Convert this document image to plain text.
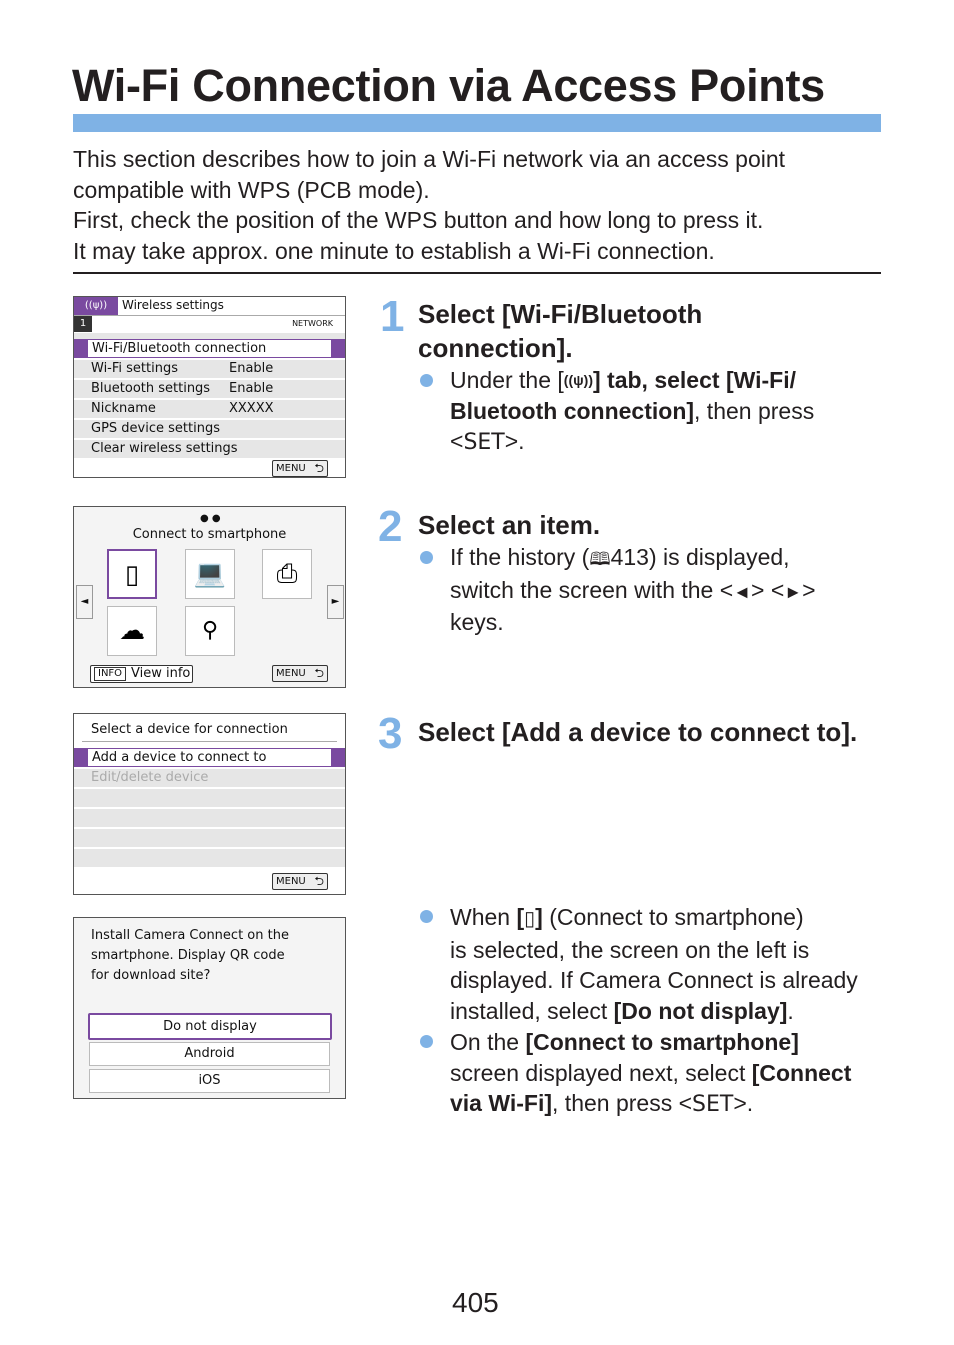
Wi-Fi Connection via Access Points

This section describes how to join a Wi-Fi network via an access point

compatible with WPS (PCB mode).

First, check the position of the WPS button and how long to press it.

It may take approx. one minute to establish a Wi-Fi connection.

((ψ))	Wireless settings
1	NETWORK
Wi-Fi/Bluetooth connection
Wi-Fi settings	Enable
Bluetooth settings Enable
Nickname	XXXXX
GPS device settings
Clear wireless settings
MENU ⮌
● ●
Connect to smartphone
◄	►
▯	💻	⎙
☁	⚲
INFO View info	MENU ⮌
Select a device for connection
Add a device to connect to
Edit/delete device
MENU ⮌
Install Camera Connect on the
smartphone. Display QR code
for download site?
Do not display
Android
iOS
1 Select [Wi-Fi/Bluetooth
connection].
Under the [((ψ))] tab, select [Wi-Fi/
Bluetooth connection], then press
<SET>.
2 Select an item.
If the history (🕮413) is displayed,
switch the screen with the <◄> <►>
keys.
3 Select [Add a device to connect to].
When [▯] (Connect to smartphone)
is selected, the screen on the left is
displayed. If Camera Connect is already
installed, select [Do not display].
On the [Connect to smartphone]
screen displayed next, select [Connect
via Wi-Fi], then press <SET>.
405
